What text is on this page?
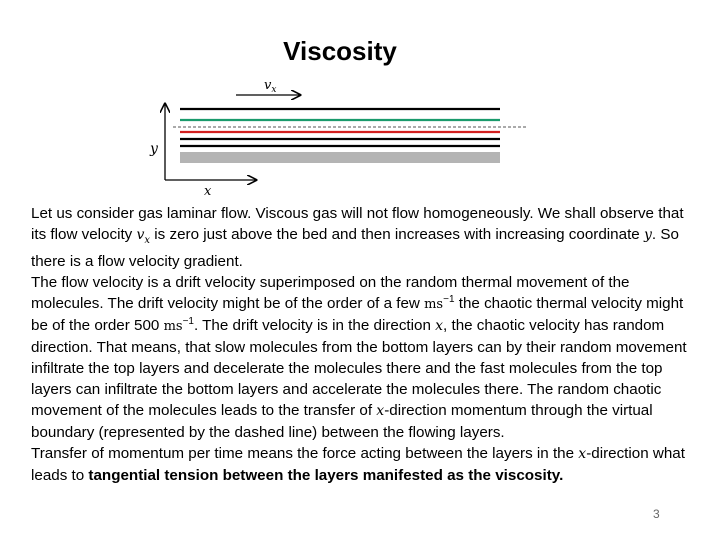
Viscosity
$v_x$
y
x

Let us consider gas laminar flow. Viscous gas will not flow homogeneously. We shall observe that its flow velocity $v_x$ is zero just above the bed and then increases with increasing coordinate y. So there is a flow velocity gradient.

The flow velocity is a drift velocity superimposed on the random thermal movement of the molecules. The drift velocity might be of the order of a few $ms^{-1}$ the chaotic thermal velocity might be of the order 500 $ms^{-1}$. The drift velocity is in the direction x, the chaotic velocity has random direction. That means, that slow molecules from the bottom layers can by their random movement infiltrate the top layers and decelerate the molecules there and the fast molecules from the top layers can infiltrate the bottom layers and accelerate the molecules there. The random chaotic movement of the molecules leads to the transfer of x-direction momentum through the virtual boundary (represented by the dashed line) between the flowing layers.

Transfer of momentum per time means the force acting between the layers in the x-direction what leads to tangential tension between the layers manifested as the viscosity.

3
